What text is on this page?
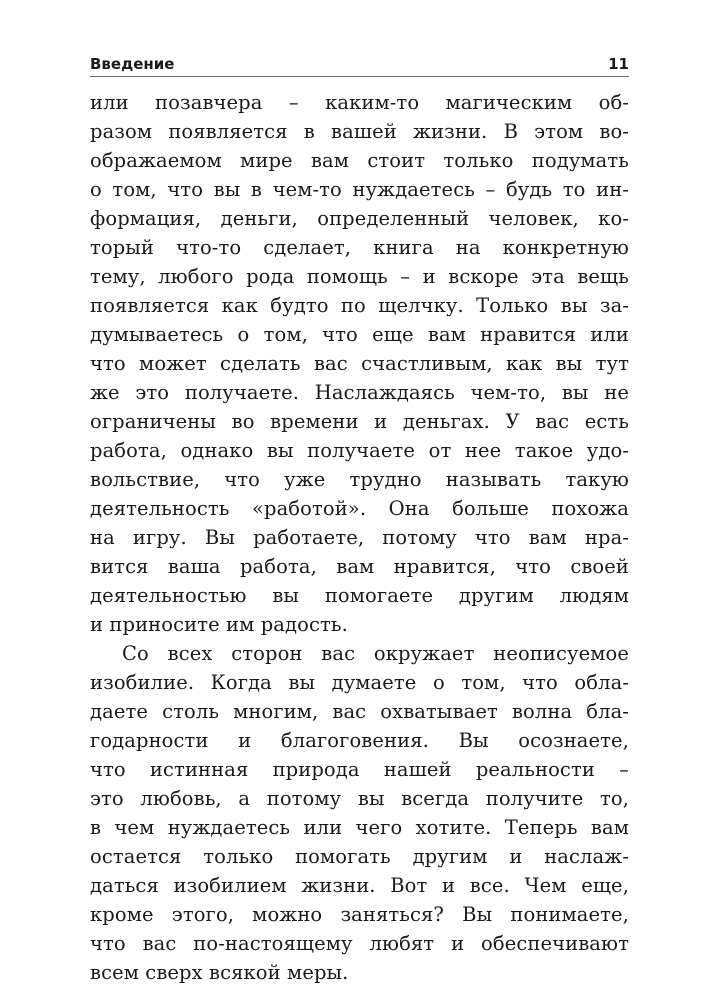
Введение	11
или позавчера – каким-то магическим об-
разом появляется в вашей жизни. В этом во-
ображаемом мире вам стоит только подумать
о том, что вы в чем-то нуждаетесь – будь то ин-
формация, деньги, определенный человек, ко-
торый что-то сделает, книга на конкретную
тему, любого рода помощь – и вскоре эта вещь
появляется как будто по щелчку. Только вы за-
думываетесь о том, что еще вам нравится или
что может сделать вас счастливым, как вы тут
же это получаете. Наслаждаясь чем-то, вы не
ограничены во времени и деньгах. У вас есть
работа, однако вы получаете от нее такое удо-
вольствие, что уже трудно называть такую
деятельность «работой». Она больше похожа
на игру. Вы работаете, потому что вам нра-
вится ваша работа, вам нравится, что своей
деятельностью вы помогаете другим людям
и приносите им радость.
Со всех сторон вас окружает неописуемое
изобилие. Когда вы думаете о том, что обла-
даете столь многим, вас охватывает волна бла-
годарности и благоговения. Вы осознаете,
что истинная природа нашей реальности –
это любовь, а потому вы всегда получите то,
в чем нуждаетесь или чего хотите. Теперь вам
остается только помогать другим и наслаж-
даться изобилием жизни. Вот и все. Чем еще,
кроме этого, можно заняться? Вы понимаете,
что вас по-настоящему любят и обеспечивают
всем сверх всякой меры.
